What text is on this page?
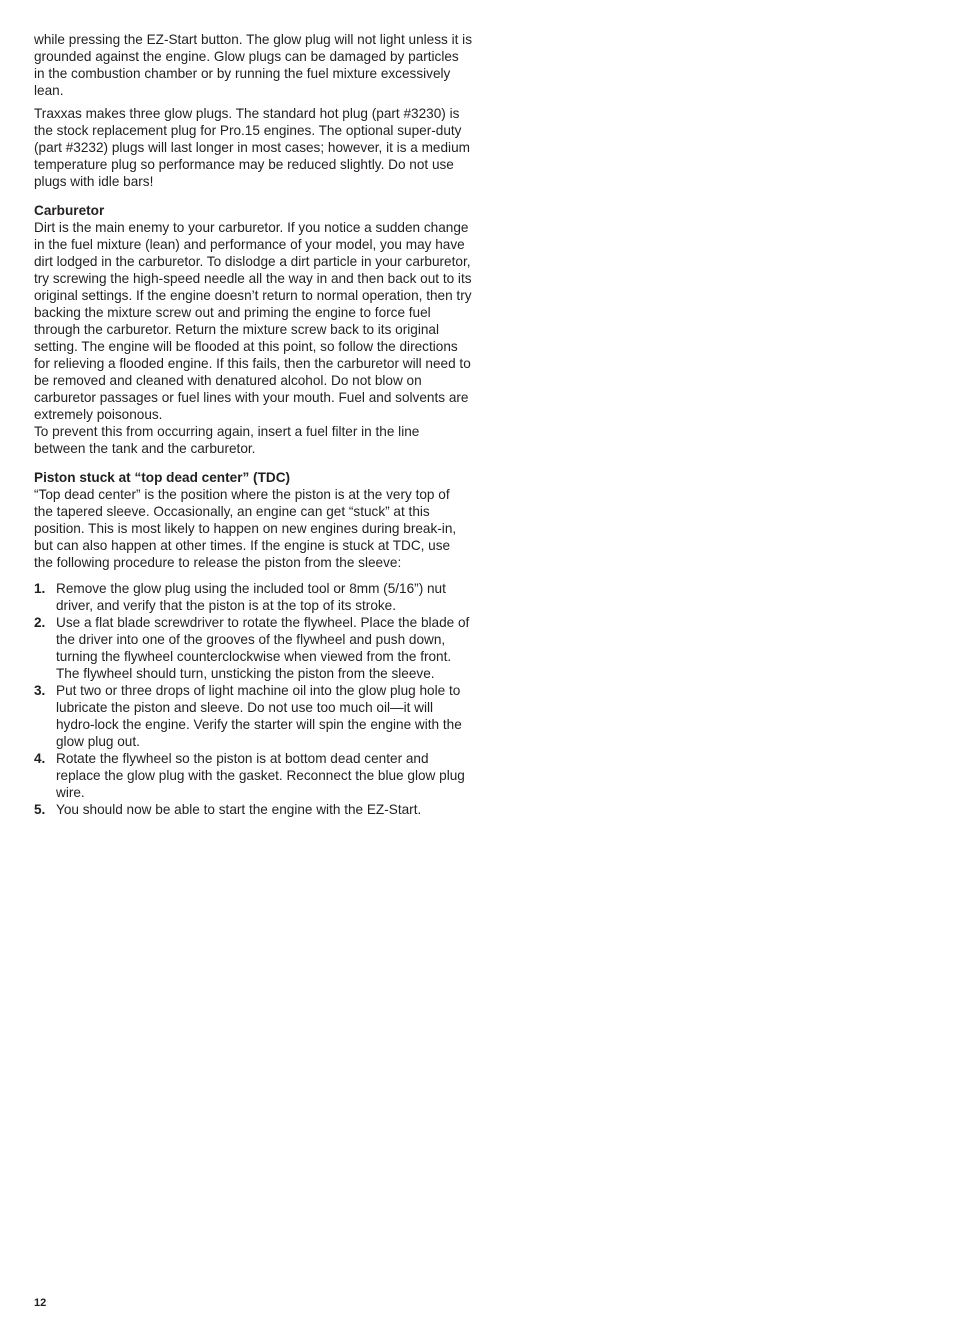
while pressing the EZ-Start button. The glow plug will not light unless it is grounded against the engine. Glow plugs can be damaged by particles in the combustion chamber or by running the fuel mixture excessively lean.

Traxxas makes three glow plugs. The standard hot plug (part #3230) is the stock replacement plug for Pro.15 engines. The optional super-duty (part #3232) plugs will last longer in most cases; however, it is a medium temperature plug so performance may be reduced slightly. Do not use plugs with idle bars!

Carburetor

Dirt is the main enemy to your carburetor. If you notice a sudden change in the fuel mixture (lean) and performance of your model, you may have dirt lodged in the carburetor. To dislodge a dirt particle in your carburetor, try screwing the high-speed needle all the way in and then back out to its original settings. If the engine doesn’t return to normal operation, then try backing the mixture screw out and priming the engine to force fuel through the carburetor. Return the mixture screw back to its original setting. The engine will be flooded at this point, so follow the directions for relieving a flooded engine. If this fails, then the carburetor will need to be removed and cleaned with denatured alcohol. Do not blow on carburetor passages or fuel lines with your mouth. Fuel and solvents are extremely poisonous.

To prevent this from occurring again, insert a fuel filter in the line between the tank and the carburetor.

Piston stuck at “top dead center” (TDC)

“Top dead center” is the position where the piston is at the very top of the tapered sleeve. Occasionally, an engine can get “stuck” at this position. This is most likely to happen on new engines during break-in, but can also happen at other times. If the engine is stuck at TDC, use the following procedure to release the piston from the sleeve:

1. Remove the glow plug using the included tool or 8mm (5/16”) nut driver, and verify that the piston is at the top of its stroke.
2. Use a flat blade screwdriver to rotate the flywheel. Place the blade of the driver into one of the grooves of the flywheel and push down, turning the flywheel counterclockwise when viewed from the front. The flywheel should turn, unsticking the piston from the sleeve.
3. Put two or three drops of light machine oil into the glow plug hole to lubricate the piston and sleeve. Do not use too much oil—it will hydro-lock the engine. Verify the starter will spin the engine with the glow plug out.
4. Rotate the flywheel so the piston is at bottom dead center and replace the glow plug with the gasket. Reconnect the blue glow plug wire.
5. You should now be able to start the engine with the EZ-Start.
12
